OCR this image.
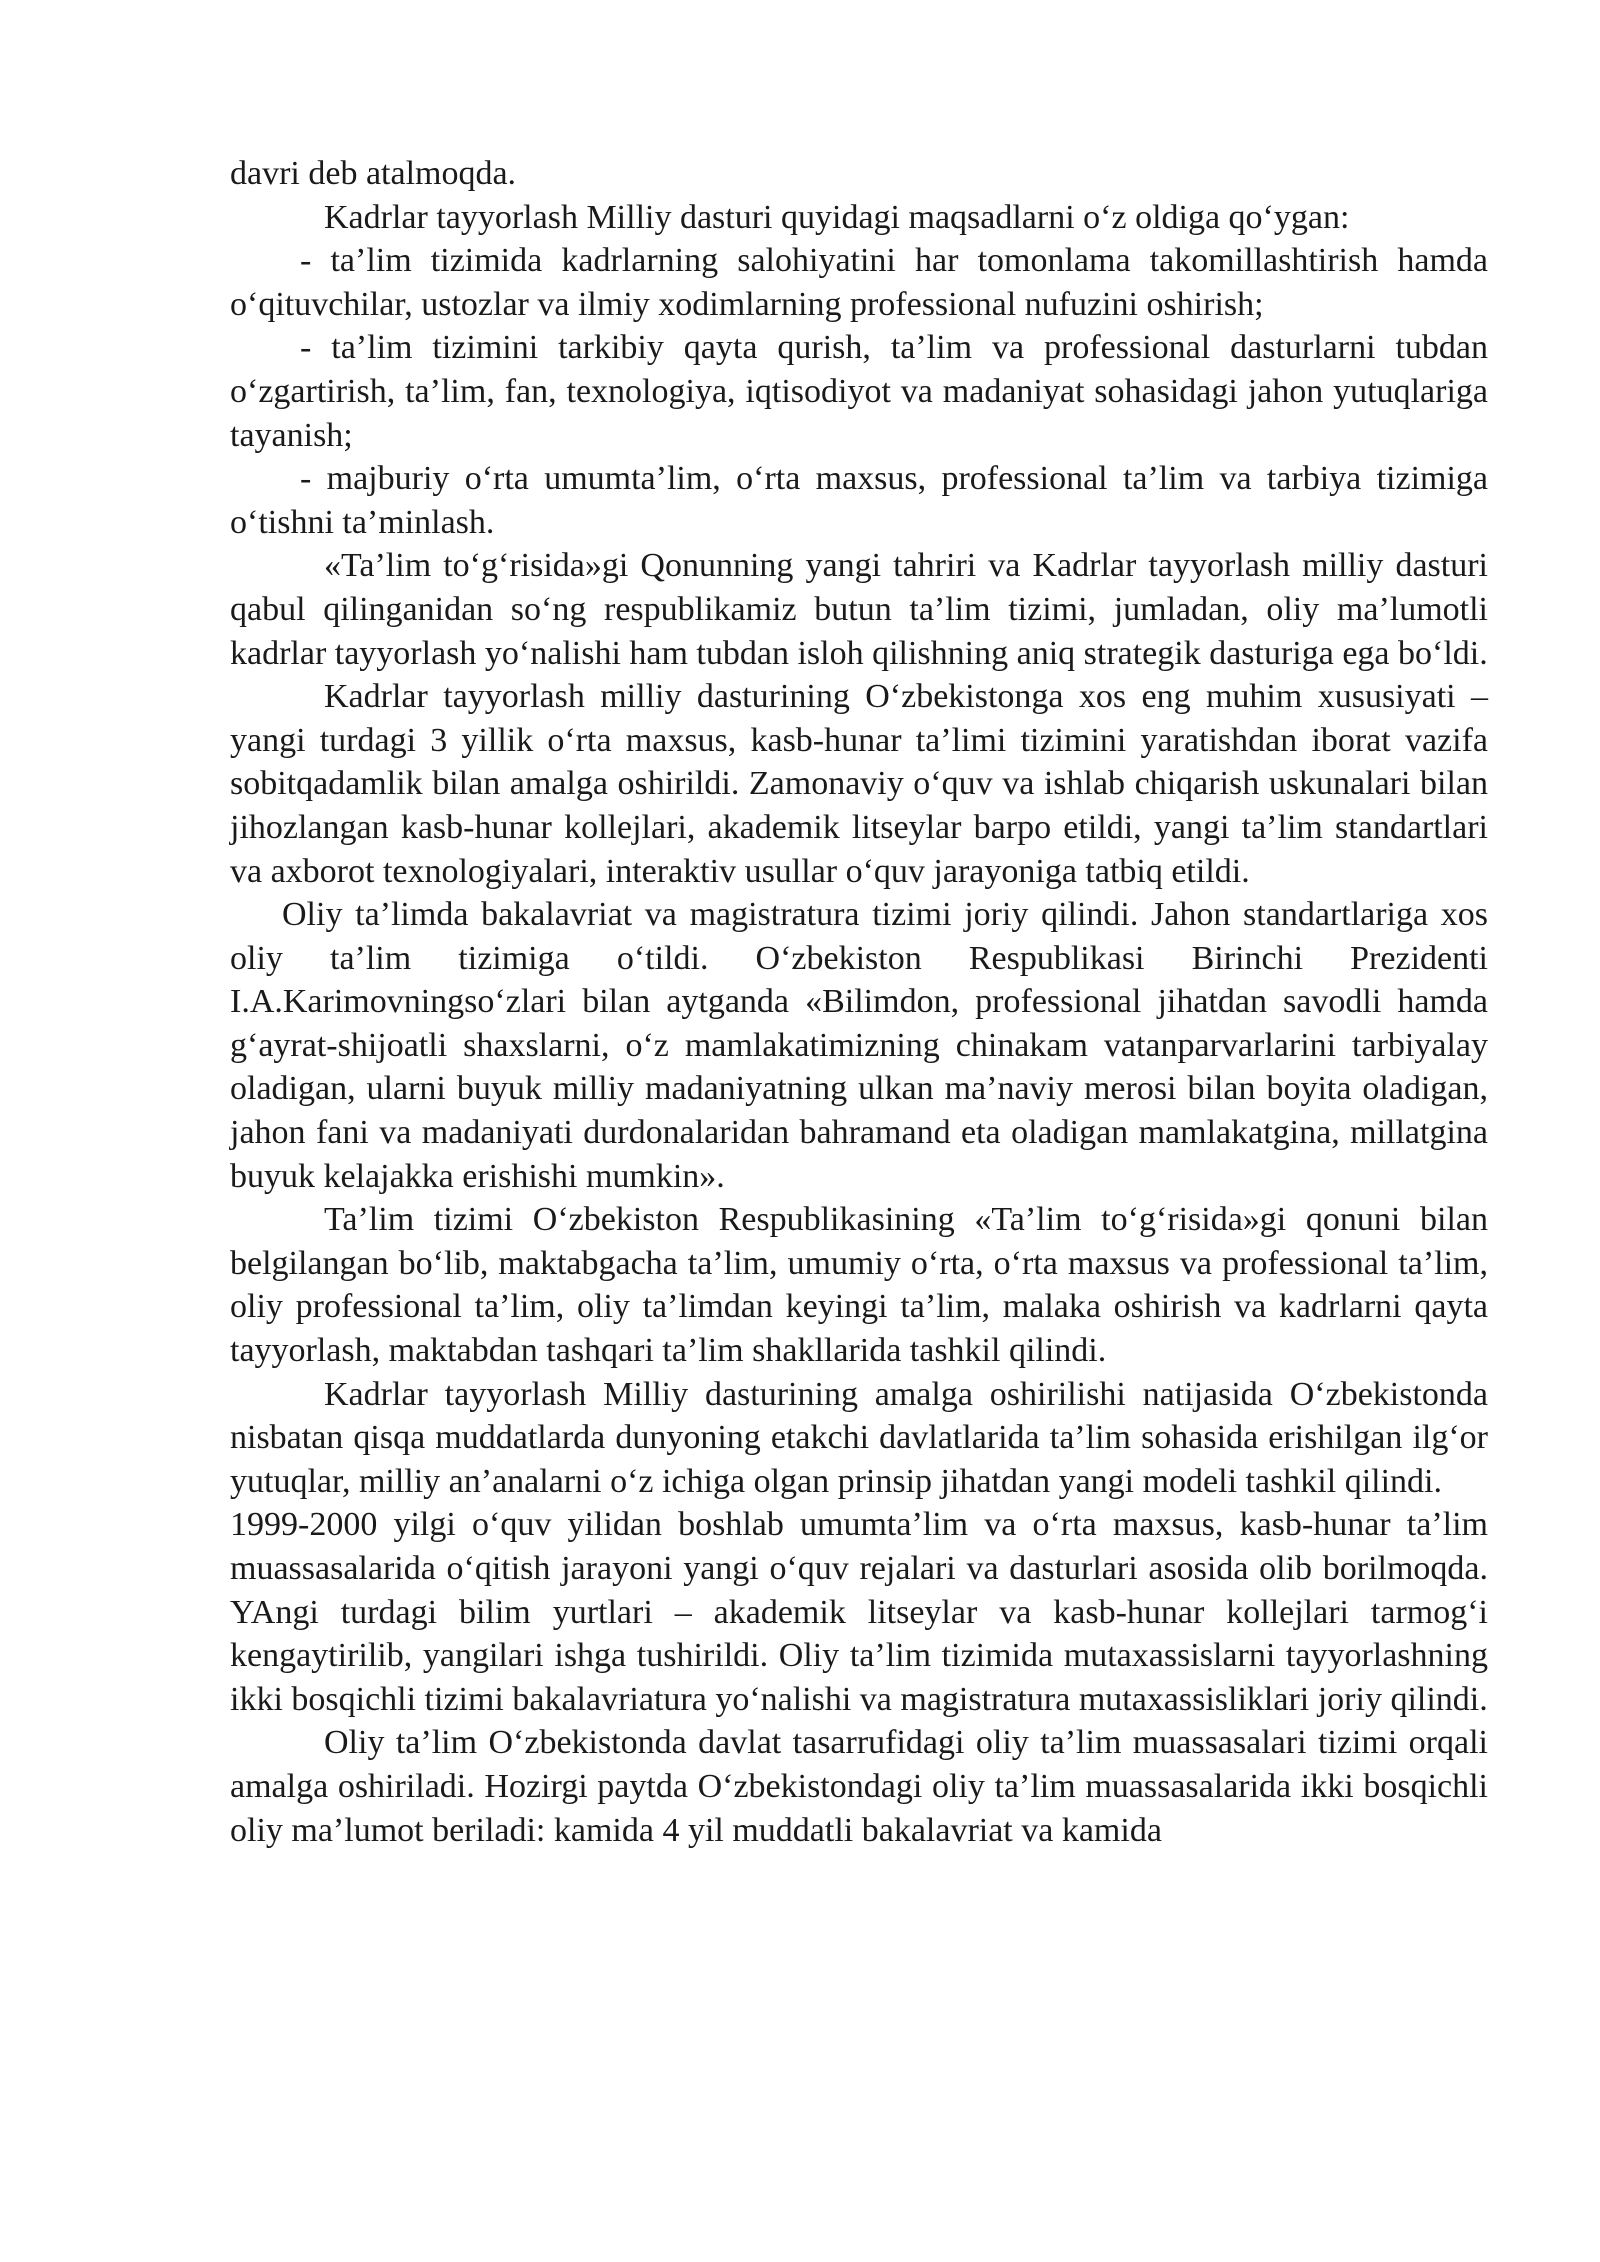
davri deb atalmoqda.

Kadrlar tayyorlash Milliy dasturi quyidagi maqsadlarni o‘z oldiga qo‘ygan:

- ta’lim tizimida kadrlarning salohiyatini har tomonlama takomillashtirish hamda o‘qituvchilar, ustozlar va ilmiy xodimlarning professional nufuzini oshirish;

- ta’lim tizimini tarkibiy qayta qurish, ta’lim va professional dasturlarni tubdan o‘zgartirish, ta’lim, fan, texnologiya, iqtisodiyot va madaniyat sohasidagi jahon yutuqlariga tayanish;

- majburiy o‘rta umumta’lim, o‘rta maxsus, professional ta’lim va tarbiya tizimiga o‘tishni ta’minlash.

«Ta’lim to‘g‘risida»gi Qonunning yangi tahriri va Kadrlar tayyorlash milliy dasturi qabul qilinganidan so‘ng respublikamiz butun ta’lim tizimi, jumladan, oliy ma’lumotli kadrlar tayyorlash yo‘nalishi ham tubdan isloh qilishning aniq strategik dasturiga ega bo‘ldi.

Kadrlar tayyorlash milliy dasturining O‘zbekistonga xos eng muhim xususiyati – yangi turdagi 3 yillik o‘rta maxsus, kasb-hunar ta’limi tizimini yaratishdan iborat vazifa sobitqadamlik bilan amalga oshirildi. Zamonaviy o‘quv va ishlab chiqarish uskunalari bilan jihozlangan kasb-hunar kollejlari, akademik litseylar barpo etildi, yangi ta’lim standartlari va axborot texnologiyalari, interaktiv usullar o‘quv jarayoniga tatbiq etildi.

Oliy ta’limda bakalavriat va magistratura tizimi joriy qilindi. Jahon standartlariga xos oliy ta’lim tizimiga o‘tildi. O‘zbekiston Respublikasi Birinchi Prezidenti I.A.Karimovningso‘zlari bilan aytganda «Bilimdon, professional jihatdan savodli hamda g‘ayrat-shijoatli shaxslarni, o‘z mamlakatimizning chinakam vatanparvarlarini tarbiyalay oladigan, ularni buyuk milliy madaniyatning ulkan ma’naviy merosi bilan boyita oladigan, jahon fani va madaniyati durdonalaridan bahramand eta oladigan mamlakatgina, millatgina buyuk kelajakka erishishi mumkin».

Ta’lim tizimi O‘zbekiston Respublikasining «Ta’lim to‘g‘risida»gi qonuni bilan belgilangan bo‘lib, maktabgacha ta’lim, umumiy o‘rta, o‘rta maxsus va professional ta’lim, oliy professional ta’lim, oliy ta’limdan keyingi ta’lim, malaka oshirish va kadrlarni qayta tayyorlash, maktabdan tashqari ta’lim shakllarida tashkil qilindi.

Kadrlar tayyorlash Milliy dasturining amalga oshirilishi natijasida O‘zbekistonda nisbatan qisqa muddatlarda dunyoning etakchi davlatlarida ta’lim sohasida erishilgan ilg‘or yutuqlar, milliy an’analarni o‘z ichiga olgan prinsip jihatdan yangi modeli tashkil qilindi.

1999-2000 yilgi o‘quv yilidan boshlab umumta’lim va o‘rta maxsus, kasb-hunar ta’lim muassasalarida o‘qitish jarayoni yangi o‘quv rejalari va dasturlari asosida olib borilmoqda. YAngi turdagi bilim yurtlari – akademik litseylar va kasb-hunar kollejlari tarmog‘i kengaytirilib, yangilari ishga tushirildi. Oliy ta’lim tizimida mutaxassislarni tayyorlashning ikki bosqichli tizimi bakalavriatura yo‘nalishi va magistratura mutaxassisliklari joriy qilindi.

Oliy ta’lim O‘zbekistonda davlat tasarrufidagi oliy ta’lim muassasalari tizimi orqali amalga oshiriladi. Hozirgi paytda O‘zbekistondagi oliy ta’lim muassasalarida ikki bosqichli oliy ma’lumot beriladi: kamida 4 yil muddatli bakalavriat va kamida
